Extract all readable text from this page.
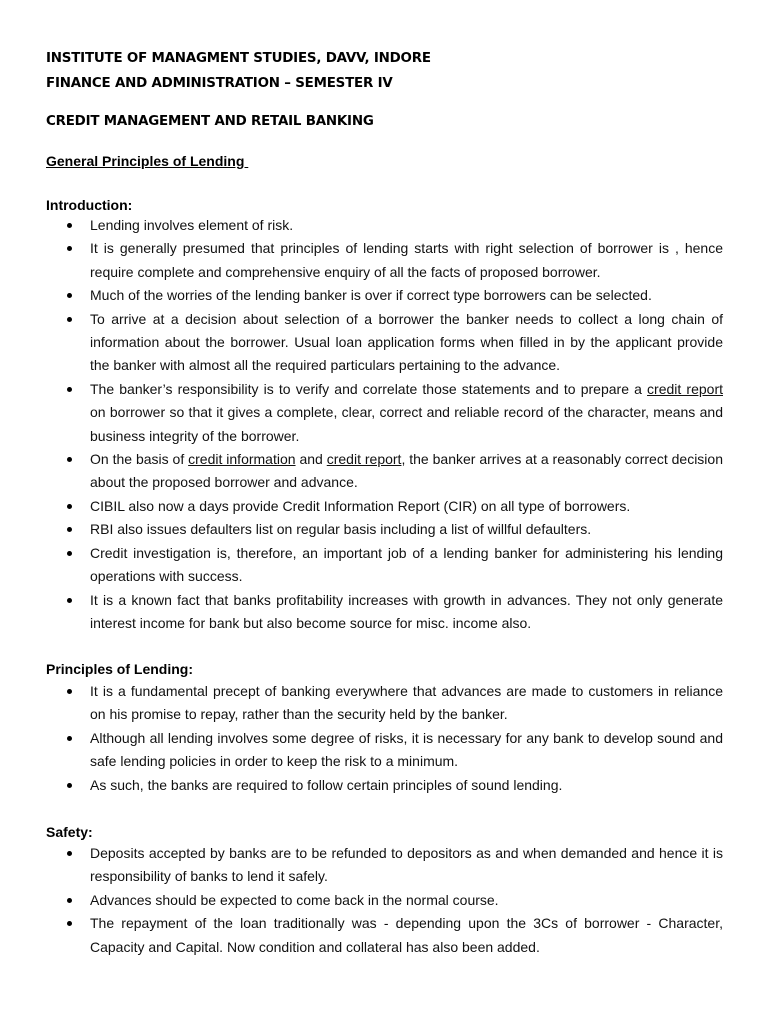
INSTITUTE OF MANAGMENT STUDIES, DAVV, INDORE
FINANCE AND ADMINISTRATION – SEMESTER IV
CREDIT MANAGEMENT AND RETAIL BANKING
General Principles of Lending
Introduction:
Lending involves element of risk.
It is generally presumed that principles of lending starts with right selection of borrower is , hence require complete and comprehensive enquiry of all the facts of proposed borrower.
Much of the worries of the lending banker is over if correct type borrowers can be selected.
To arrive at a decision about selection of a borrower the banker needs to collect a long chain of information about the borrower. Usual loan application forms when filled in by the applicant provide the banker with almost all the required particulars pertaining to the advance.
The banker’s responsibility is to verify and correlate those statements and to prepare a credit report on borrower so that it gives a complete, clear, correct and reliable record of the character, means and business integrity of the borrower.
On the basis of credit information and credit report, the banker arrives at a reasonably correct decision about the proposed borrower and advance.
CIBIL also now a days provide Credit Information Report (CIR) on all type of borrowers.
RBI also issues defaulters list on regular basis including a list of willful defaulters.
Credit investigation is, therefore, an important job of a lending banker for administering his lending operations with success.
It is a known fact that banks profitability increases with growth in advances. They not only generate interest income for bank but also become source for misc. income also.
Principles of Lending:
It is a fundamental precept of banking everywhere that advances are made to customers in reliance on his promise to repay, rather than the security held by the banker.
Although all lending involves some degree of risks, it is necessary for any bank to develop sound and safe lending policies in order to keep the risk to a minimum.
As such, the banks are required to follow certain principles of sound lending.
Safety:
Deposits accepted by banks are to be refunded to depositors as and when demanded and hence it is responsibility of banks to lend it safely.
Advances should be expected to come back in the normal course.
The repayment of the loan traditionally was - depending upon the 3Cs of borrower - Character, Capacity and Capital. Now condition and collateral has also been added.
